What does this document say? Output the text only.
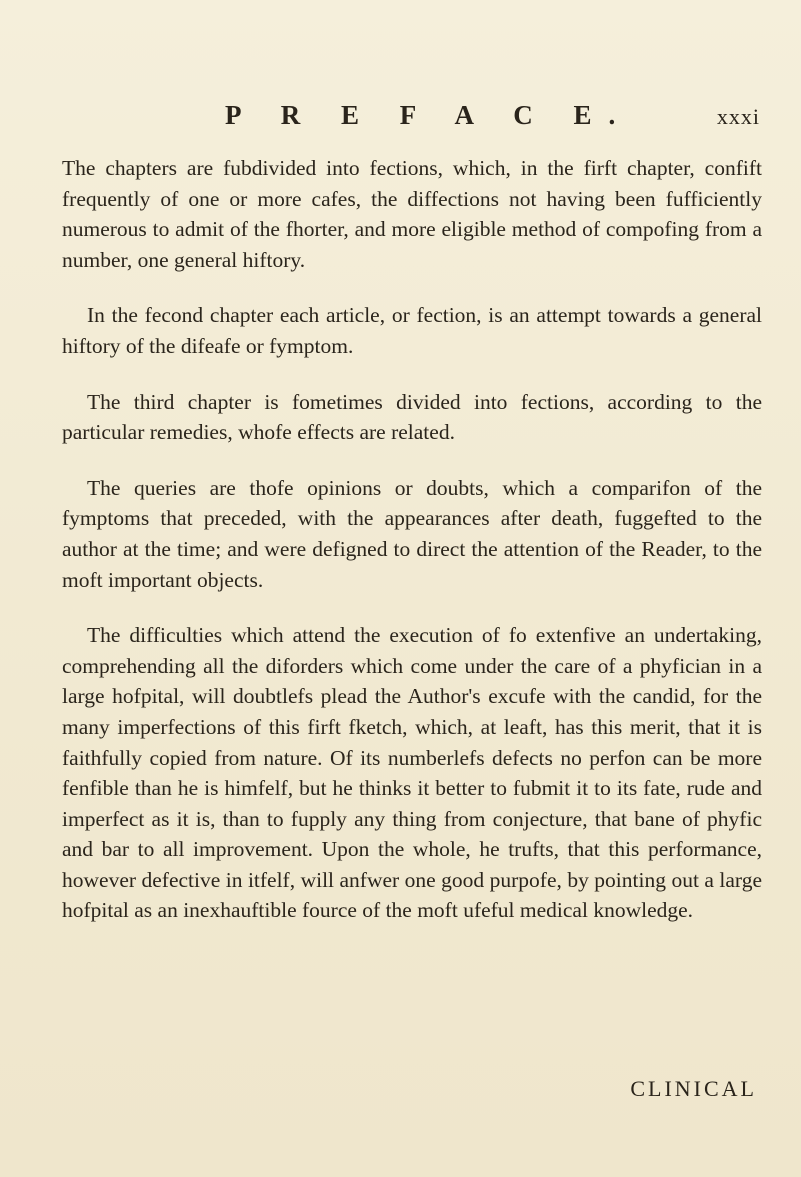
P R E F A C E.	xxxi

The chapters are fubdivided into fections, which, in the firft chapter, confift frequently of one or more cafes, the diffections not having been fufficiently numerous to admit of the fhorter, and more eligible method of compofing from a number, one general hiftory.

In the fecond chapter each article, or fection, is an attempt towards a general hiftory of the difeafe or fymptom.

The third chapter is fometimes divided into fections, according to the particular remedies, whofe effects are related.

The queries are thofe opinions or doubts, which a comparifon of the fymptoms that preceded, with the appearances after death, fuggefted to the author at the time; and were defigned to direct the attention of the Reader, to the moft important objects.

The difficulties which attend the execution of fo extenfive an undertaking, comprehending all the diforders which come under the care of a phyfician in a large hofpital, will doubtlefs plead the Author's excufe with the candid, for the many imperfections of this firft fketch, which, at leaft, has this merit, that it is faithfully copied from nature. Of its numberlefs defects no perfon can be more fenfible than he is himfelf, but he thinks it better to fubmit it to its fate, rude and imperfect as it is, than to fupply any thing from conjecture, that bane of phyfic and bar to all improvement. Upon the whole, he trufts, that this performance, however defective in itfelf, will anfwer one good purpofe, by pointing out a large hofpital as an inexhauftible fource of the moft ufeful medical knowledge.

CLINICAL
